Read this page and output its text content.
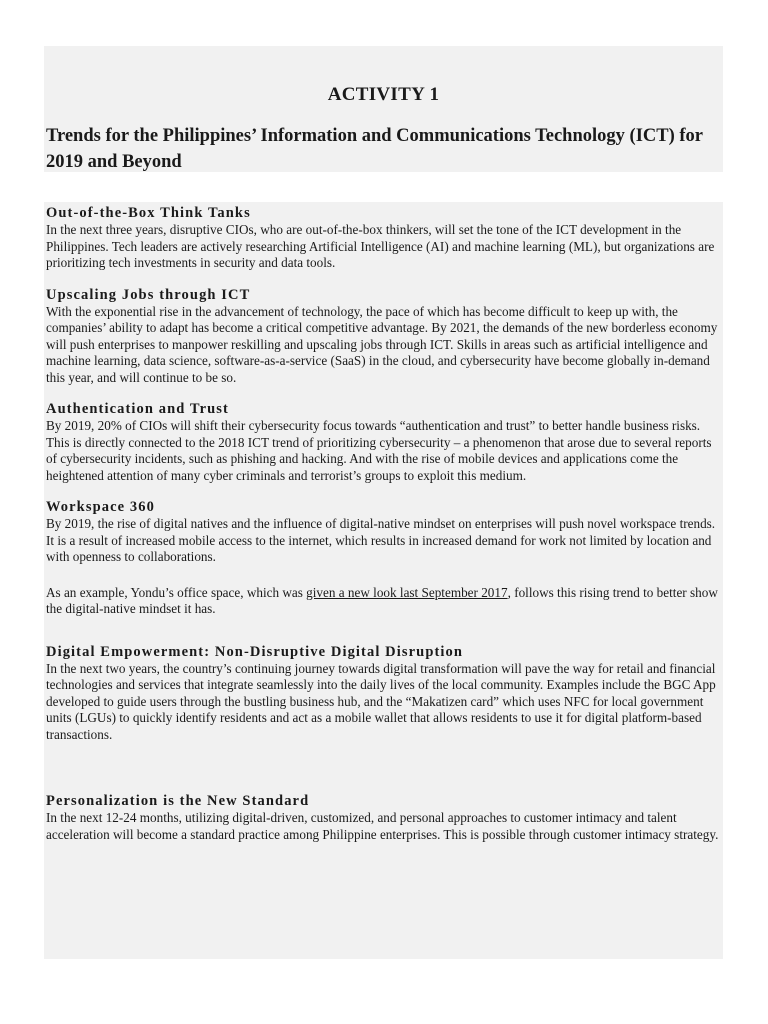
ACTIVITY 1
Trends for the Philippines’ Information and Communications Technology (ICT) for 2019 and Beyond
Out-of-the-Box Think Tanks

In the next three years, disruptive CIOs, who are out-of-the-box thinkers, will set the tone of the ICT development in the Philippines. Tech leaders are actively researching Artificial Intelligence (AI) and machine learning (ML), but organizations are prioritizing tech investments in security and data tools.

Upscaling Jobs through ICT

With the exponential rise in the advancement of technology, the pace of which has become difficult to keep up with, the companies’ ability to adapt has become a critical competitive advantage. By 2021, the demands of the new borderless economy will push enterprises to manpower reskilling and upscaling jobs through ICT. Skills in areas such as artificial intelligence and machine learning, data science, software-as-a-service (SaaS) in the cloud, and cybersecurity have become globally in-demand this year, and will continue to be so.

Authentication and Trust

By 2019, 20% of CIOs will shift their cybersecurity focus towards “authentication and trust” to better handle business risks. This is directly connected to the 2018 ICT trend of prioritizing cybersecurity – a phenomenon that arose due to several reports of cybersecurity incidents, such as phishing and hacking. And with the rise of mobile devices and applications come the heightened attention of many cyber criminals and terrorist’s groups to exploit this medium.

Workspace 360

By 2019, the rise of digital natives and the influence of digital-native mindset on enterprises will push novel workspace trends. It is a result of increased mobile access to the internet, which results in increased demand for work not limited by location and with openness to collaborations.

As an example, Yondu’s office space, which was given a new look last September 2017, follows this rising trend to better show the digital-native mindset it has.

Digital Empowerment: Non-Disruptive Digital Disruption

In the next two years, the country’s continuing journey towards digital transformation will pave the way for retail and financial technologies and services that integrate seamlessly into the daily lives of the local community. Examples include the BGC App developed to guide users through the bustling business hub, and the “Makatizen card” which uses NFC for local government units (LGUs) to quickly identify residents and act as a mobile wallet that allows residents to use it for digital platform-based transactions.

Personalization is the New Standard

In the next 12-24 months, utilizing digital-driven, customized, and personal approaches to customer intimacy and talent acceleration will become a standard practice among Philippine enterprises. This is possible through customer intimacy strategy.
